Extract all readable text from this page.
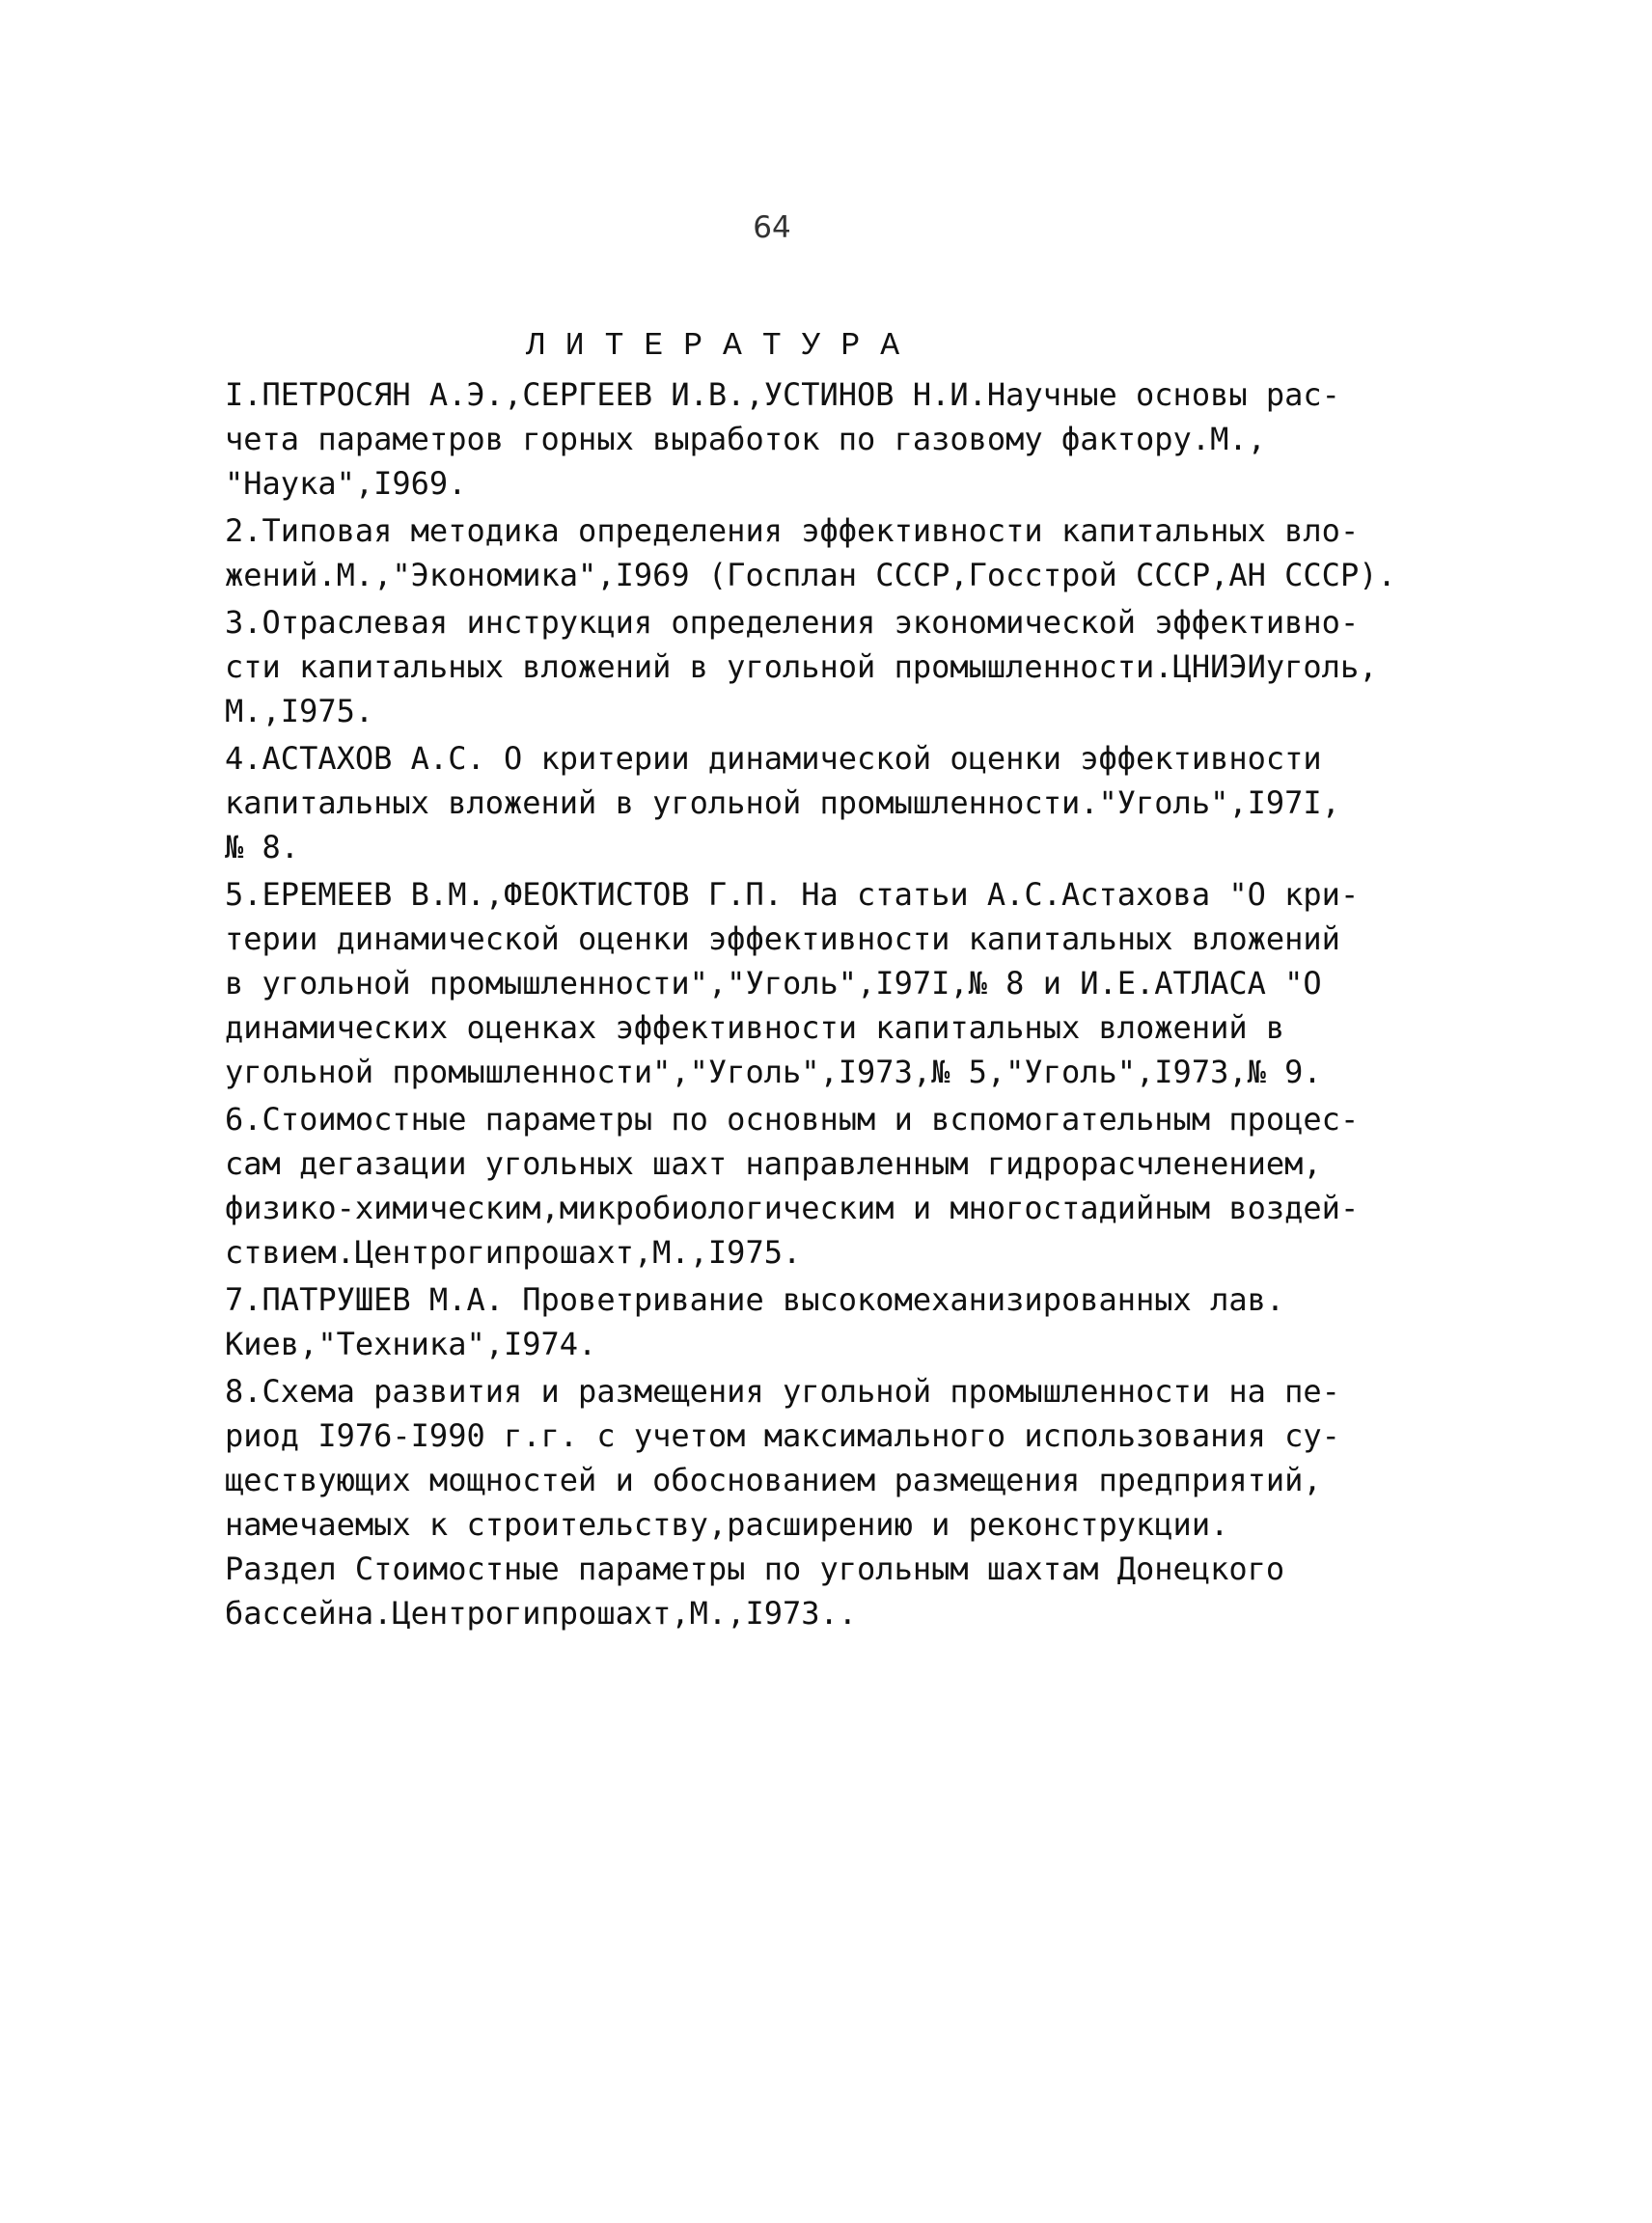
64
ЛИТЕРАТУРА
I.ПЕТРОСЯН А.Э.,СЕРГЕЕВ И.В.,УСТИНОВ Н.И.Научные основы рас-
чета параметров горных выработок по газовому фактору.М.,
"Наука",I969.
2.Типовая методика определения эффективности капитальных вло-
жений.М.,"Экономика",I969 (Госплан СССР,Госстрой СССР,АН СССР).
3.Отраслевая инструкция определения экономической эффективно-
сти капитальных вложений в угольной промышленности.ЦНИЭИуголь,
М.,I975.
4.АСТАХОВ А.С. О критерии динамической оценки эффективности
капитальных вложений в угольной промышленности."Уголь",I97I,
№ 8.
5.ЕРЕМЕЕВ В.М.,ФЕОКТИСТОВ Г.П. На статьи А.С.Астахова "О кри-
терии динамической оценки эффективности капитальных вложений
в угольной промышленности","Уголь",I97I,№ 8 и И.Е.АТЛАСА "О
динамических оценках эффективности капитальных вложений в
угольной промышленности","Уголь",I973,№ 5,"Уголь",I973,№ 9.
6.Стоимостные параметры по основным и вспомогательным процес-
сам дегазации угольных шахт направленным гидрорасчленением,
физико-химическим,микробиологическим и многостадийным воздей-
ствием.Центрогипрошахт,М.,I975.
7.ПАТРУШЕВ М.А. Проветривание высокомеханизированных лав.
Киев,"Техника",I974.
8.Схема развития и размещения угольной промышленности на пе-
риод I976-I990 г.г. с учетом максимального использования су-
ществующих мощностей и обоснованием размещения предприятий,
намечаемых к строительству,расширению и реконструкции.
Раздел Стоимостные параметры по угольным шахтам Донецкого
бассейна.Центрогипрошахт,М.,I973..
